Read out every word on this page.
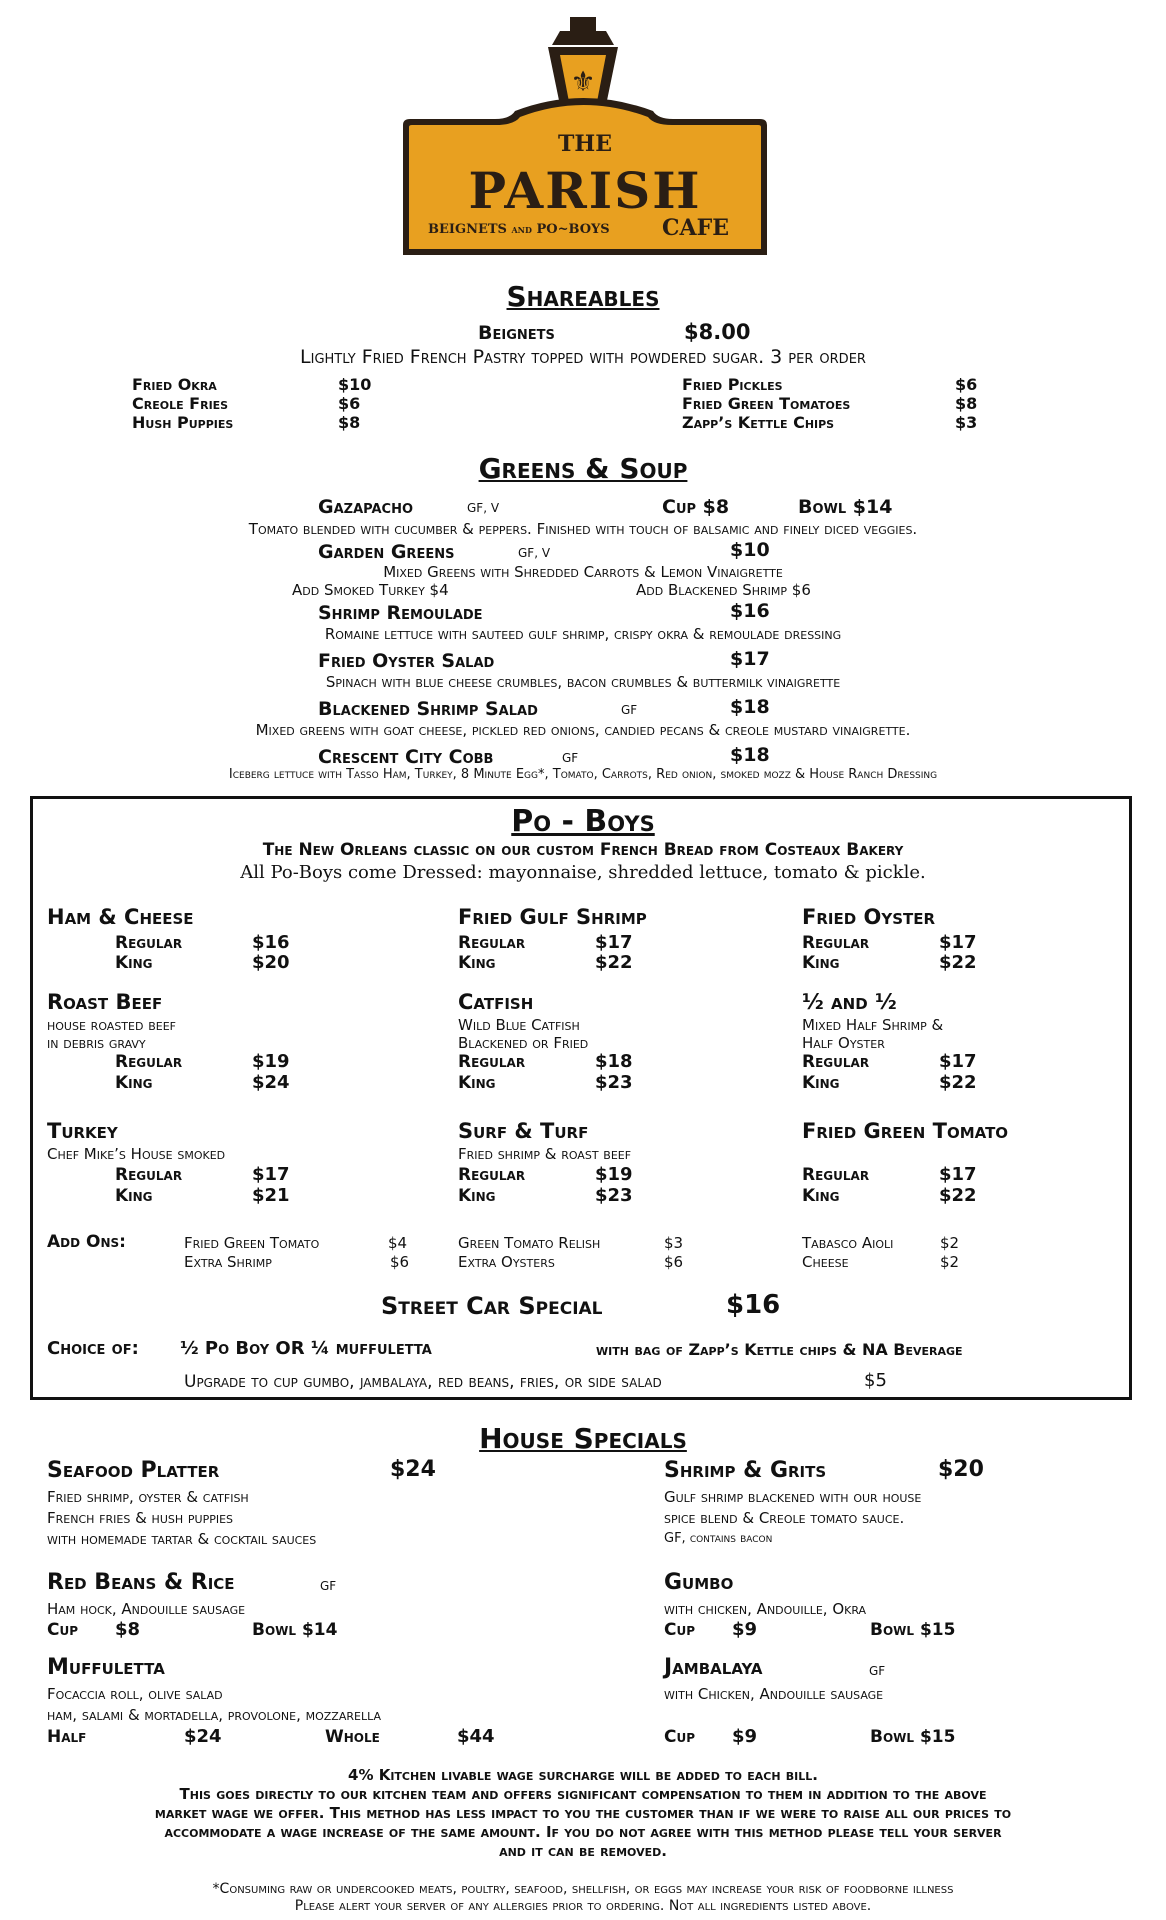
⚜
THE
PARISH
BEIGNETS AND PO~BOYS CAFE
Shareables
Beignets	$8.00
Lightly Fried French Pastry topped with powdered sugar. 3 per order
Fried Okra	$10
Creole Fries	$6
Hush Puppies	$8
Fried Pickles	$6
Fried Green Tomatoes	$8
Zapp’s Kettle Chips	$3
Greens & Soup
Gazapacho	GF, V	Cup $8	Bowl $14
Tomato blended with cucumber & peppers. Finished with touch of balsamic and finely diced veggies.
Garden Greens	GF, V	$10
Mixed Greens with Shredded Carrots & Lemon Vinaigrette
Add Smoked Turkey $4	Add Blackened Shrimp $6
Shrimp Remoulade	$16
Romaine lettuce with sauteed gulf shrimp, crispy okra & remoulade dressing
Fried Oyster Salad	$17
Spinach with blue cheese crumbles, bacon crumbles & buttermilk vinaigrette
Blackened Shrimp Salad	GF	$18
Mixed greens with goat cheese, pickled red onions, candied pecans & creole mustard vinaigrette.
Crescent City Cobb	GF	$18
Iceberg lettuce with Tasso Ham, Turkey, 8 Minute Egg*, Tomato, Carrots, Red onion, smoked mozz & House Ranch Dressing
Po - Boys
The New Orleans classic on our custom French Bread from Costeaux Bakery
All Po-Boys come Dressed: mayonnaise, shredded lettuce, tomato & pickle.
Ham & Cheese
Regular	$16
King	$20
Fried Gulf Shrimp
Regular	$17
King	$22
Fried Oyster
Regular	$17
King	$22
Roast Beef
house roasted beef
in debris gravy
Regular	$19
King	$24
Catfish
Wild Blue Catfish
Blackened or Fried
Regular	$18
King	$23
½ and ½
Mixed Half Shrimp &
Half Oyster
Regular	$17
King	$22
Turkey
Chef Mike’s House smoked
Regular	$17
King	$21
Surf & Turf
Fried shrimp & roast beef
Regular	$19
King	$23
Fried Green Tomato
Regular	$17
King	$22
Add Ons:	Fried Green Tomato	$4
Extra Shrimp	$6
Green Tomato Relish	$3
Extra Oysters	$6
Tabasco Aioli	$2
Cheese	$2
Street Car Special	$16
Choice of: ½ Po Boy OR ¼ muffuletta	with bag of Zapp’s Kettle chips & NA Beverage
Upgrade to cup gumbo, jambalaya, red beans, fries, or side salad	$5
House Specials
Seafood Platter	$24
Fried shrimp, oyster & catfish
French fries & hush puppies
with homemade tartar & cocktail sauces
Shrimp & Grits	$20
Gulf shrimp blackened with our house
spice blend & Creole tomato sauce.
GF, contains bacon
Red Beans & Rice	GF
Ham hock, Andouille sausage
Cup $8	Bowl $14
Gumbo
with chicken, Andouille, Okra
Cup $9	Bowl $15
Muffuletta
Focaccia roll, olive salad
ham, salami & mortadella, provolone, mozzarella
Half	$24	Whole	$44
Jambalaya	GF
with Chicken, Andouille sausage
Cup $9	Bowl $15
4% Kitchen livable wage surcharge will be added to each bill.
This goes directly to our kitchen team and offers significant compensation to them in addition to the above
market wage we offer. This method has less impact to you the customer than if we were to raise all our prices to
accommodate a wage increase of the same amount. If you do not agree with this method please tell your server
and it can be removed.
*Consuming raw or undercooked meats, poultry, seafood, shellfish, or eggs may increase your risk of foodborne illness
Please alert your server of any allergies prior to ordering. Not all ingredients listed above.
